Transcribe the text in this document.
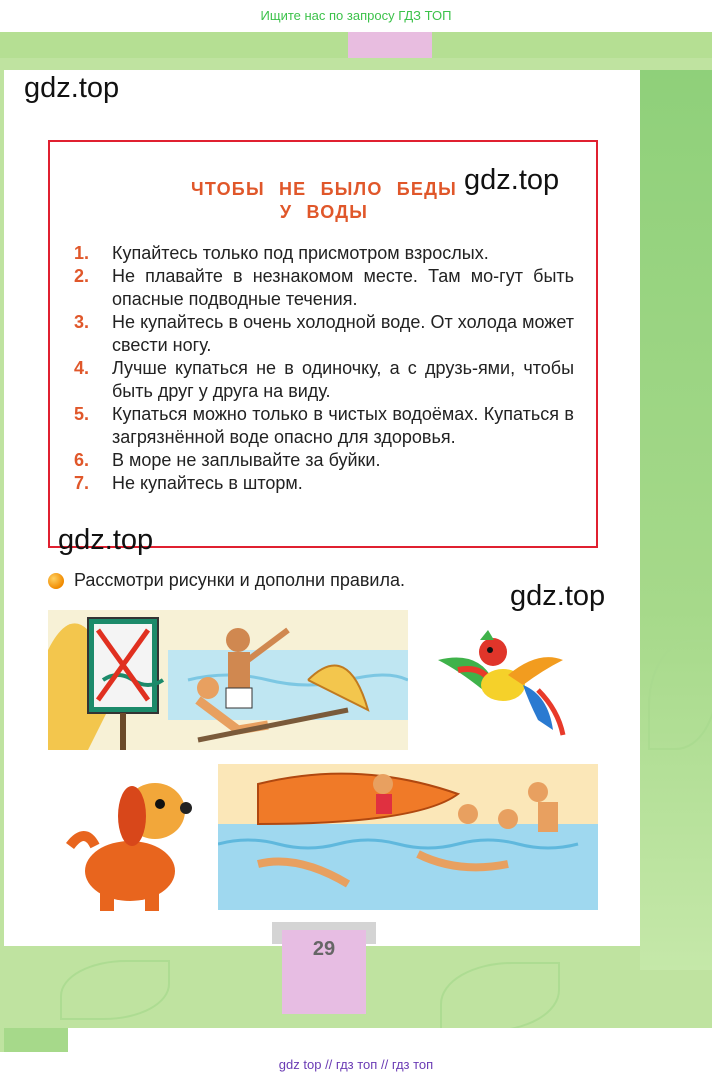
Ищите нас по запросу ГДЗ ТОП
gdz.top
ЧТОБЫ НЕ БЫЛО БЕДЫ
У ВОДЫ
1.	Купайтесь только под присмотром взрослых.
2.	Не плавайте в незнакомом месте. Там мо-гут быть опасные подводные течения.
3.	Не купайтесь в очень холодной воде. От холода может свести ногу.
4.	Лучше купаться не в одиночку, а с друзь-ями, чтобы быть друг у друга на виду.
5.	Купаться можно только в чистых водоёмах. Купаться в загрязнённой воде опасно для здоровья.
6.	В море не заплывайте за буйки.
7.	Не купайтесь в шторм.
gdz.top
gdz.top
gdz.top
Рассмотри рисунки и дополни правила.
29
gdz top // гдз топ // гдз топ
